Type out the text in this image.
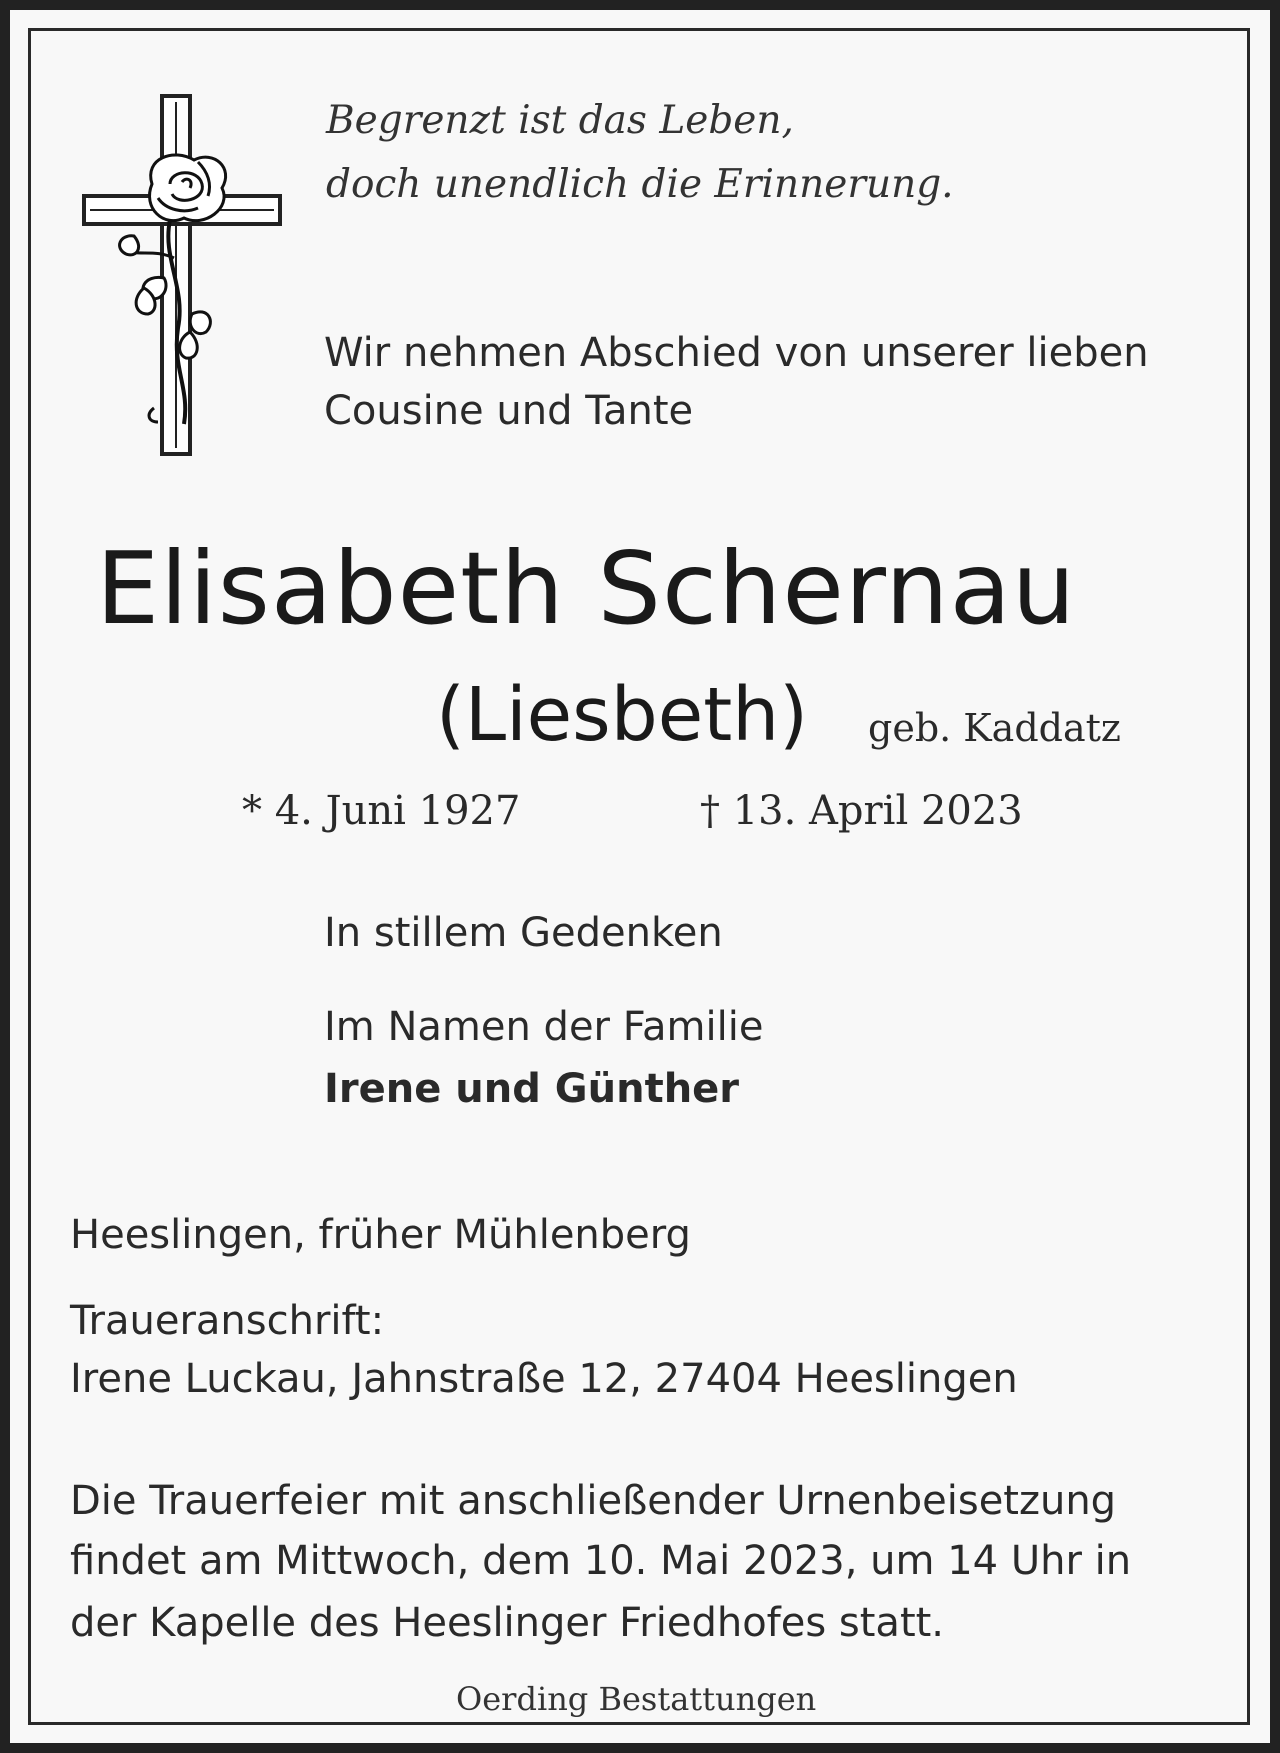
Begrenzt ist das Leben,
doch unendlich die Erinnerung.
Wir nehmen Abschied von unserer lieben
Cousine und Tante
Elisabeth Schernau
(Liesbeth) geb. Kaddatz
* 4. Juni 1927	† 13. April 2023
In stillem Gedenken
Im Namen der Familie
Irene und Günther
Heeslingen, früher Mühlenberg
Traueranschrift:
Irene Luckau, Jahnstraße 12, 27404 Heeslingen
Die Trauerfeier mit anschließender Urnenbeisetzung
findet am Mittwoch, dem 10. Mai 2023, um 14 Uhr in
der Kapelle des Heeslinger Friedhofes statt.
Oerding Bestattungen
